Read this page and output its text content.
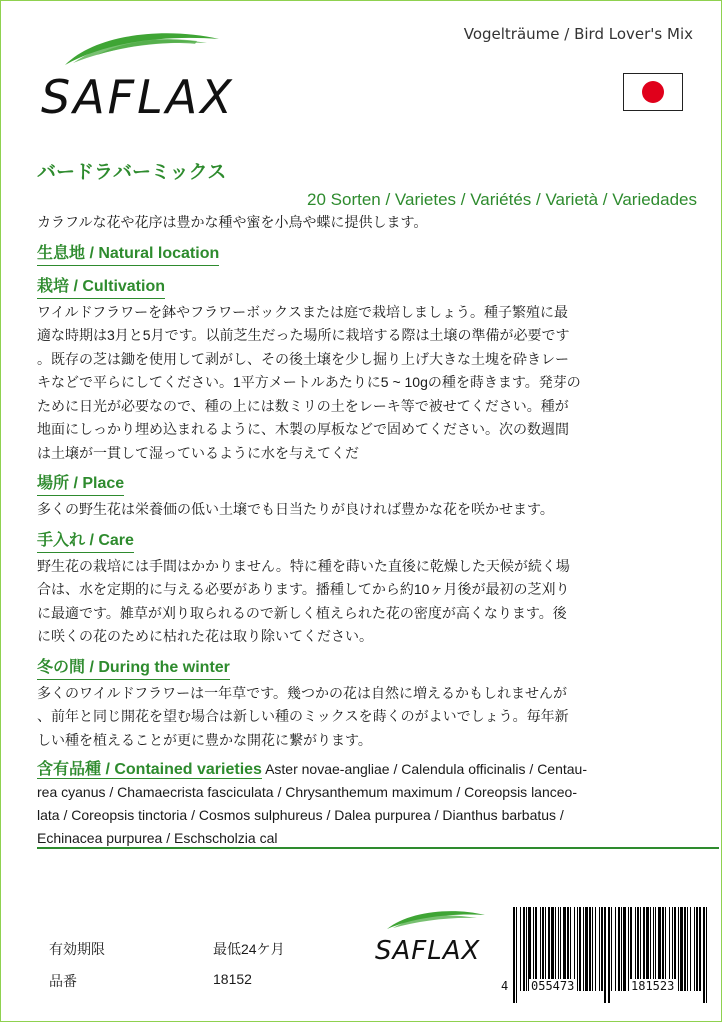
SAFLAX
Vogelträume / Bird Lover's Mix

バードラバーミックス

20 Sorten / Varietes / Variétés / Varietà / Variedades

カラフルな花や花序は豊かな種や蜜を小鳥や蝶に提供します。

生息地 / Natural location
栽培 / Cultivation

ワイルドフラワーを鉢やフラワーボックスまたは庭で栽培しましょう。種子繁殖に最

適な時期は3月と5月です。以前芝生だった場所に栽培する際は土壌の準備が必要です

。既存の芝は鋤を使用して剥がし、その後土壌を少し掘り上げ大きな土塊を砕きレー

キなどで平らにしてください。1平方メートルあたりに5 ~ 10gの種を蒔きます。発芽の

ために日光が必要なので、種の上には数ミリの土をレーキ等で被せてください。種が

地面にしっかり埋め込まれるように、木製の厚板などで固めてください。次の数週間

は土壌が一貫して湿っているように水を与えてくだ

場所 / Place

多くの野生花は栄養価の低い土壌でも日当たりが良ければ豊かな花を咲かせます。

手入れ / Care

野生花の栽培には手間はかかりません。特に種を蒔いた直後に乾燥した天候が続く場

合は、水を定期的に与える必要があります。播種してから約10ヶ月後が最初の芝刈り

に最適です。雑草が刈り取られるので新しく植えられた花の密度が高くなります。後

に咲くの花のために枯れた花は取り除いてください。

冬の間 / During the winter

多くのワイルドフラワーは一年草です。幾つかの花は自然に増えるかもしれませんが

、前年と同じ開花を望む場合は新しい種のミックスを蒔くのがよいでしょう。毎年新

しい種を植えることが更に豊かな開花に繋がります。

含有品種 / Contained varieties Aster novae-angliae / Calendula officinalis / Centau-
rea cyanus / Chamaecrista fasciculata / Chrysanthemum maximum / Coreopsis lanceo-
lata / Coreopsis tinctoria / Cosmos sulphureus / Dalea purpurea / Dianthus barbatus /
Echinacea purpurea / Eschscholzia cal
有効期限	最低24ケ月
品番	18152
SAFLAX
4 055473	181523
